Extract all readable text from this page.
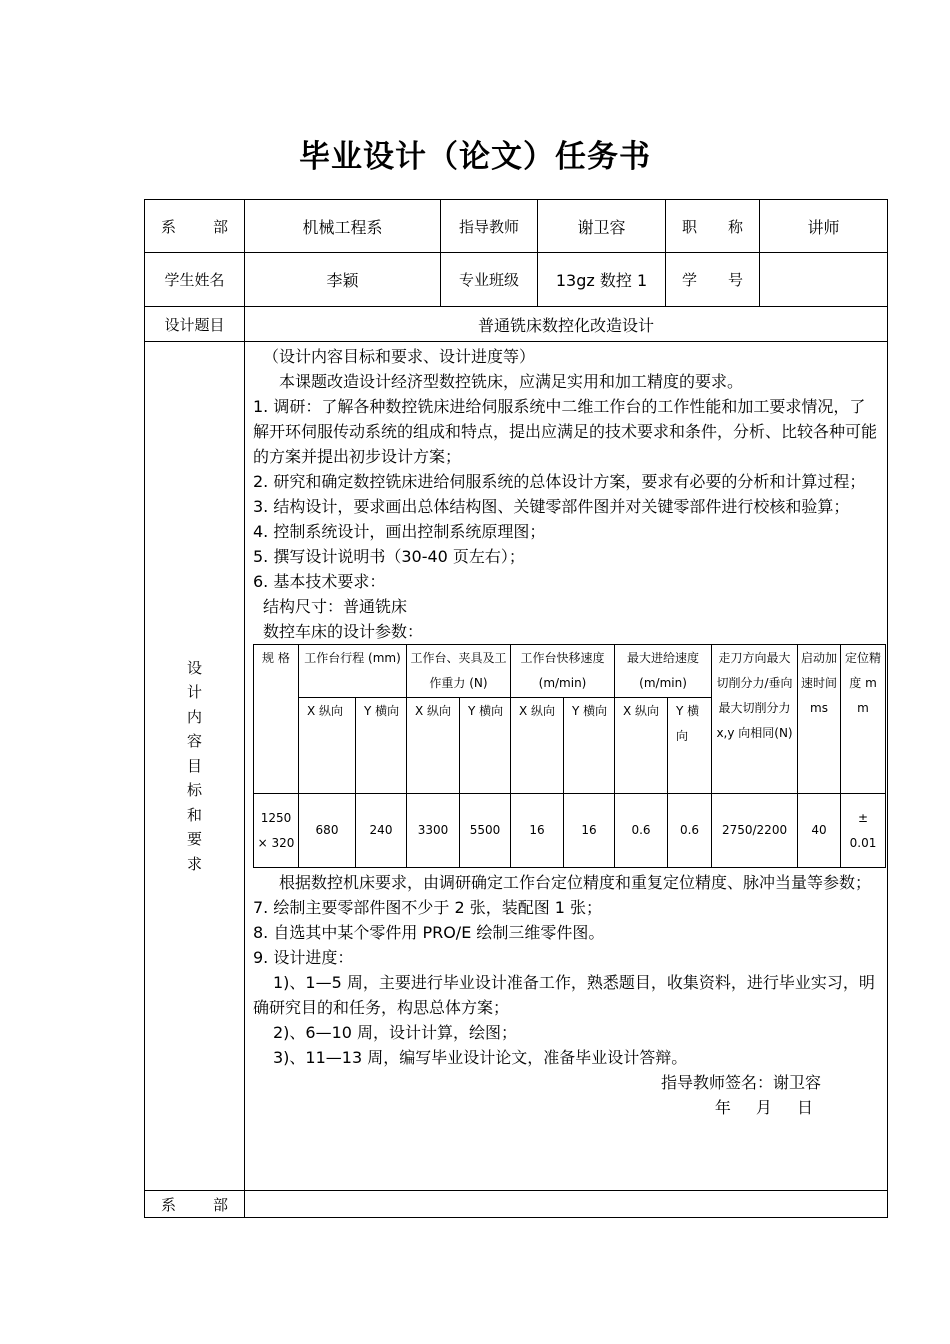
毕业设计（论文）任务书
系 部	机械工程系	指导教师	谢卫容	职 称	讲师
学生姓名	李颖	专业班级	13gz 数控 1	学 号

设计题目	普通铣床数控化改造设计

设
计
内
容
目
标
和
要
求

（设计内容目标和要求、设计进度等）

本课题改造设计经济型数控铣床，应满足实用和加工精度的要求。

1. 调研：了解各种数控铣床进给伺服系统中二维工作台的工作性能和加工要求情况，了解开环伺服传动系统的组成和特点，提出应满足的技术要求和条件，分析、比较各种可能的方案并提出初步设计方案；

2. 研究和确定数控铣床进给伺服系统的总体设计方案，要求有必要的分析和计算过程；

3. 结构设计，要求画出总体结构图、关键零部件图并对关键零部件进行校核和验算；

4. 控制系统设计，画出控制系统原理图；

5. 撰写设计说明书（30-40 页左右）；

6. 基本技术要求：

结构尺寸：普通铣床

数控车床的设计参数：

规 格	工作台行程 (mm)	工作台、夹具及工作重力 (N)	工作台快移速度(m/min)	最大进给速度(m/min)	走刀方向最大切削分力/垂向最大切削分力 x,y 向相同(N)	启动加速时间 ms	定位精度 mm
X 纵向	Y 横向	X 纵向	Y 横向	X 纵向	Y 横向	X 纵向	Y 横向
1250 × 320	680	240	3300	5500	16	16	0.6	0.6	2750/2200	40	± 0.01

根据数控机床要求，由调研确定工作台定位精度和重复定位精度、脉冲当量等参数；

7. 绘制主要零部件图不少于 2 张，装配图 1 张；

8. 自选其中某个零件用 PRO/E 绘制三维零件图。

9. 设计进度：

1)、1—5 周，主要进行毕业设计准备工作，熟悉题目，收集资料，进行毕业实习，明确研究目的和任务，构思总体方案；

2)、6—10 周，设计计算，绘图；

3)、11—13 周，编写毕业设计论文，准备毕业设计答辩。

指导教师签名：谢卫容

年 月 日

系 部
